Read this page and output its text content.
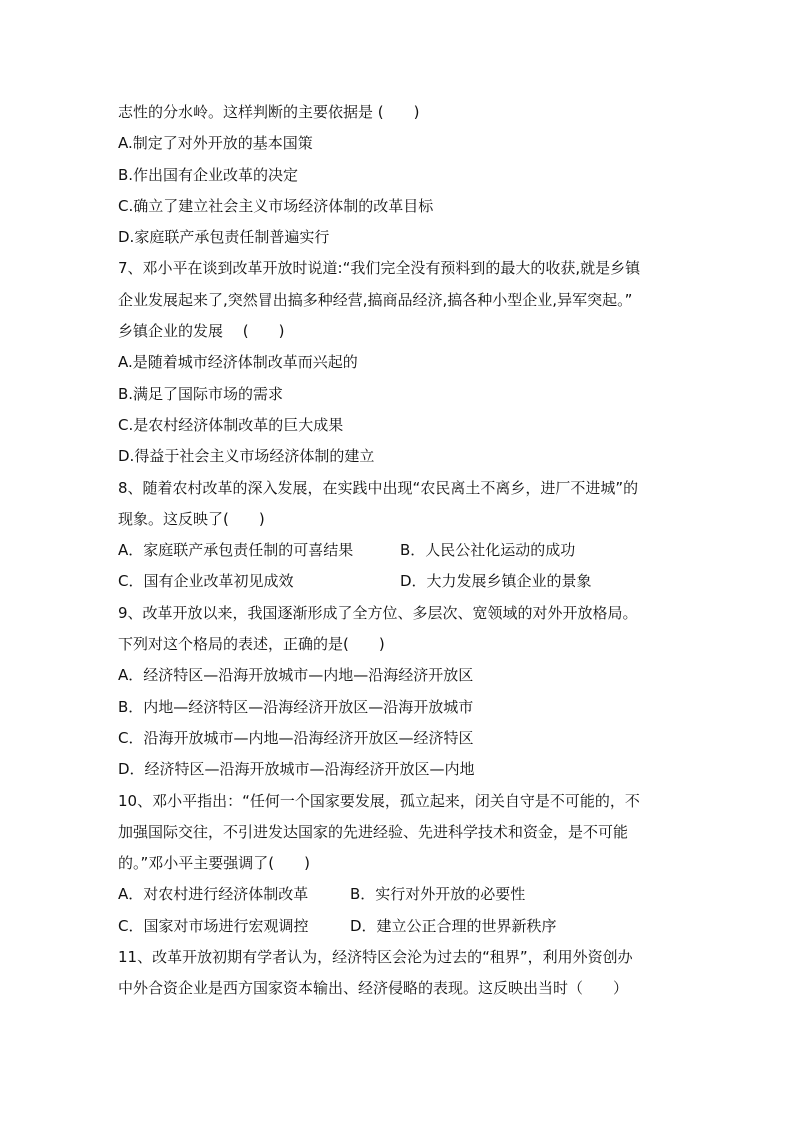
志性的分水岭。这样判断的主要依据是 (　　)
A.制定了对外开放的基本国策
B.作出国有企业改革的决定
C.确立了建立社会主义市场经济体制的改革目标
D.家庭联产承包责任制普遍实行
7、邓小平在谈到改革开放时说道:“我们完全没有预料到的最大的收获,就是乡镇
企业发展起来了,突然冒出搞多种经营,搞商品经济,搞各种小型企业,异军突起。”
乡镇企业的发展　 (　　)
A.是随着城市经济体制改革而兴起的
B.满足了国际市场的需求
C.是农村经济体制改革的巨大成果
D.得益于社会主义市场经济体制的建立
8、随着农村改革的深入发展，在实践中出现“农民离土不离乡，进厂不进城”的
现象。这反映了(　　)
A．家庭联产承包责任制的可喜结果	B．人民公社化运动的成功
C．国有企业改革初见成效	D．大力发展乡镇企业的景象
9、改革开放以来，我国逐渐形成了全方位、多层次、宽领域的对外开放格局。
下列对这个格局的表述，正确的是(　　)
A．经济特区—沿海开放城市—内地—沿海经济开放区
B．内地—经济特区—沿海经济开放区—沿海开放城市
C．沿海开放城市—内地—沿海经济开放区—经济特区
D．经济特区—沿海开放城市—沿海经济开放区—内地
10、邓小平指出：“任何一个国家要发展，孤立起来，闭关自守是不可能的，不
加强国际交往，不引进发达国家的先进经验、先进科学技术和资金，是不可能
的。”邓小平主要强调了(　　)
A．对农村进行经济体制改革	B．实行对外开放的必要性
C．国家对市场进行宏观调控	D．建立公正合理的世界新秩序
11、改革开放初期有学者认为，经济特区会沦为过去的“租界”，利用外资创办
中外合资企业是西方国家资本输出、经济侵略的表现。这反映出当时（　　）
